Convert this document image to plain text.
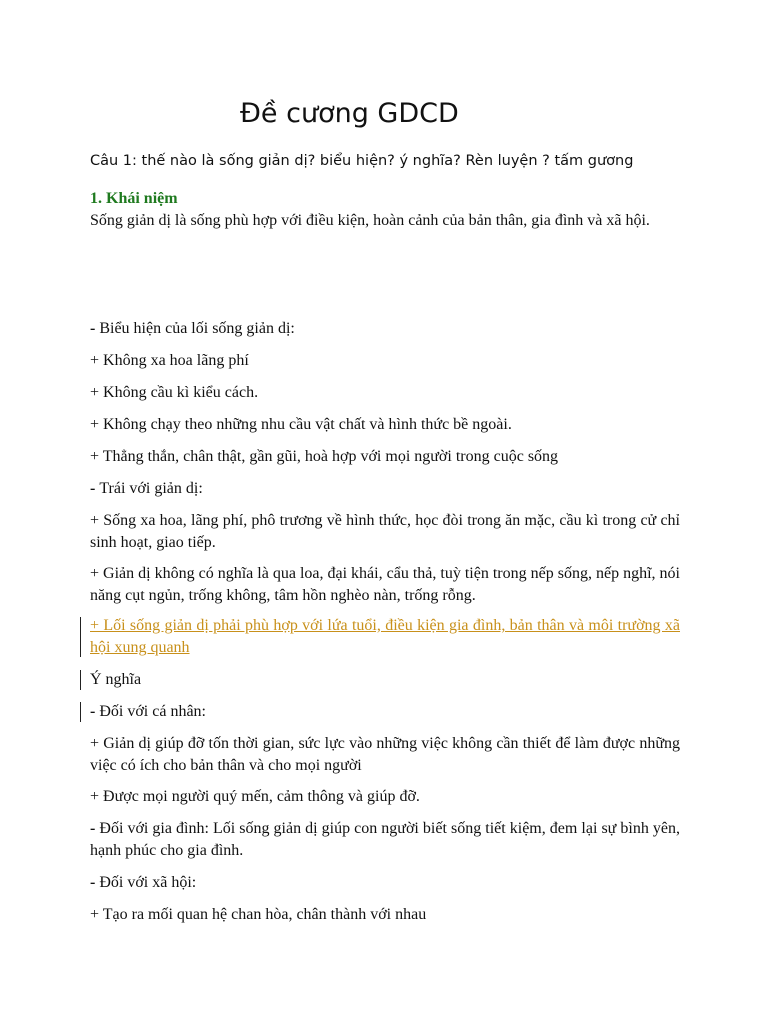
Đề cương GDCD
Câu 1: thế nào là sống giản dị? biểu hiện? ý nghĩa? Rèn luyện ? tấm gương
1. Khái niệm
Sống giản dị là sống phù hợp với điều kiện, hoàn cảnh của bản thân, gia đình và xã hội.
- Biểu hiện của lối sống giản dị:
+ Không xa hoa lãng phí
+ Không cầu kì kiểu cách.
+ Không chạy theo những nhu cầu vật chất và hình thức bề ngoài.
+ Thẳng thắn, chân thật, gần gũi, hoà hợp với mọi người trong cuộc sống
- Trái với giản dị:
+ Sống xa hoa, lãng phí, phô trương về hình thức, học đòi trong ăn mặc, cầu kì trong cử chỉ sinh hoạt, giao tiếp.
+ Giản dị không có nghĩa là qua loa, đại khái, cẩu thả, tuỳ tiện trong nếp sống, nếp nghĩ, nói năng cụt ngủn, trống không, tâm hồn nghèo nàn, trống rỗng.
+ Lối sống giản dị phải phù hợp với lứa tuổi, điều kiện gia đình, bản thân và môi trường xã hội xung quanh
Ý nghĩa
- Đối với cá nhân:
+ Giản dị giúp đỡ tốn thời gian, sức lực vào những việc không cần thiết để làm được những việc có ích cho bản thân và cho mọi người
+ Được mọi người quý mến, cảm thông và giúp đỡ.
- Đối với gia đình: Lối sống giản dị giúp con người biết sống tiết kiệm, đem lại sự bình yên, hạnh phúc cho gia đình.
- Đối với xã hội:
+ Tạo ra mối quan hệ chan hòa, chân thành với nhau
